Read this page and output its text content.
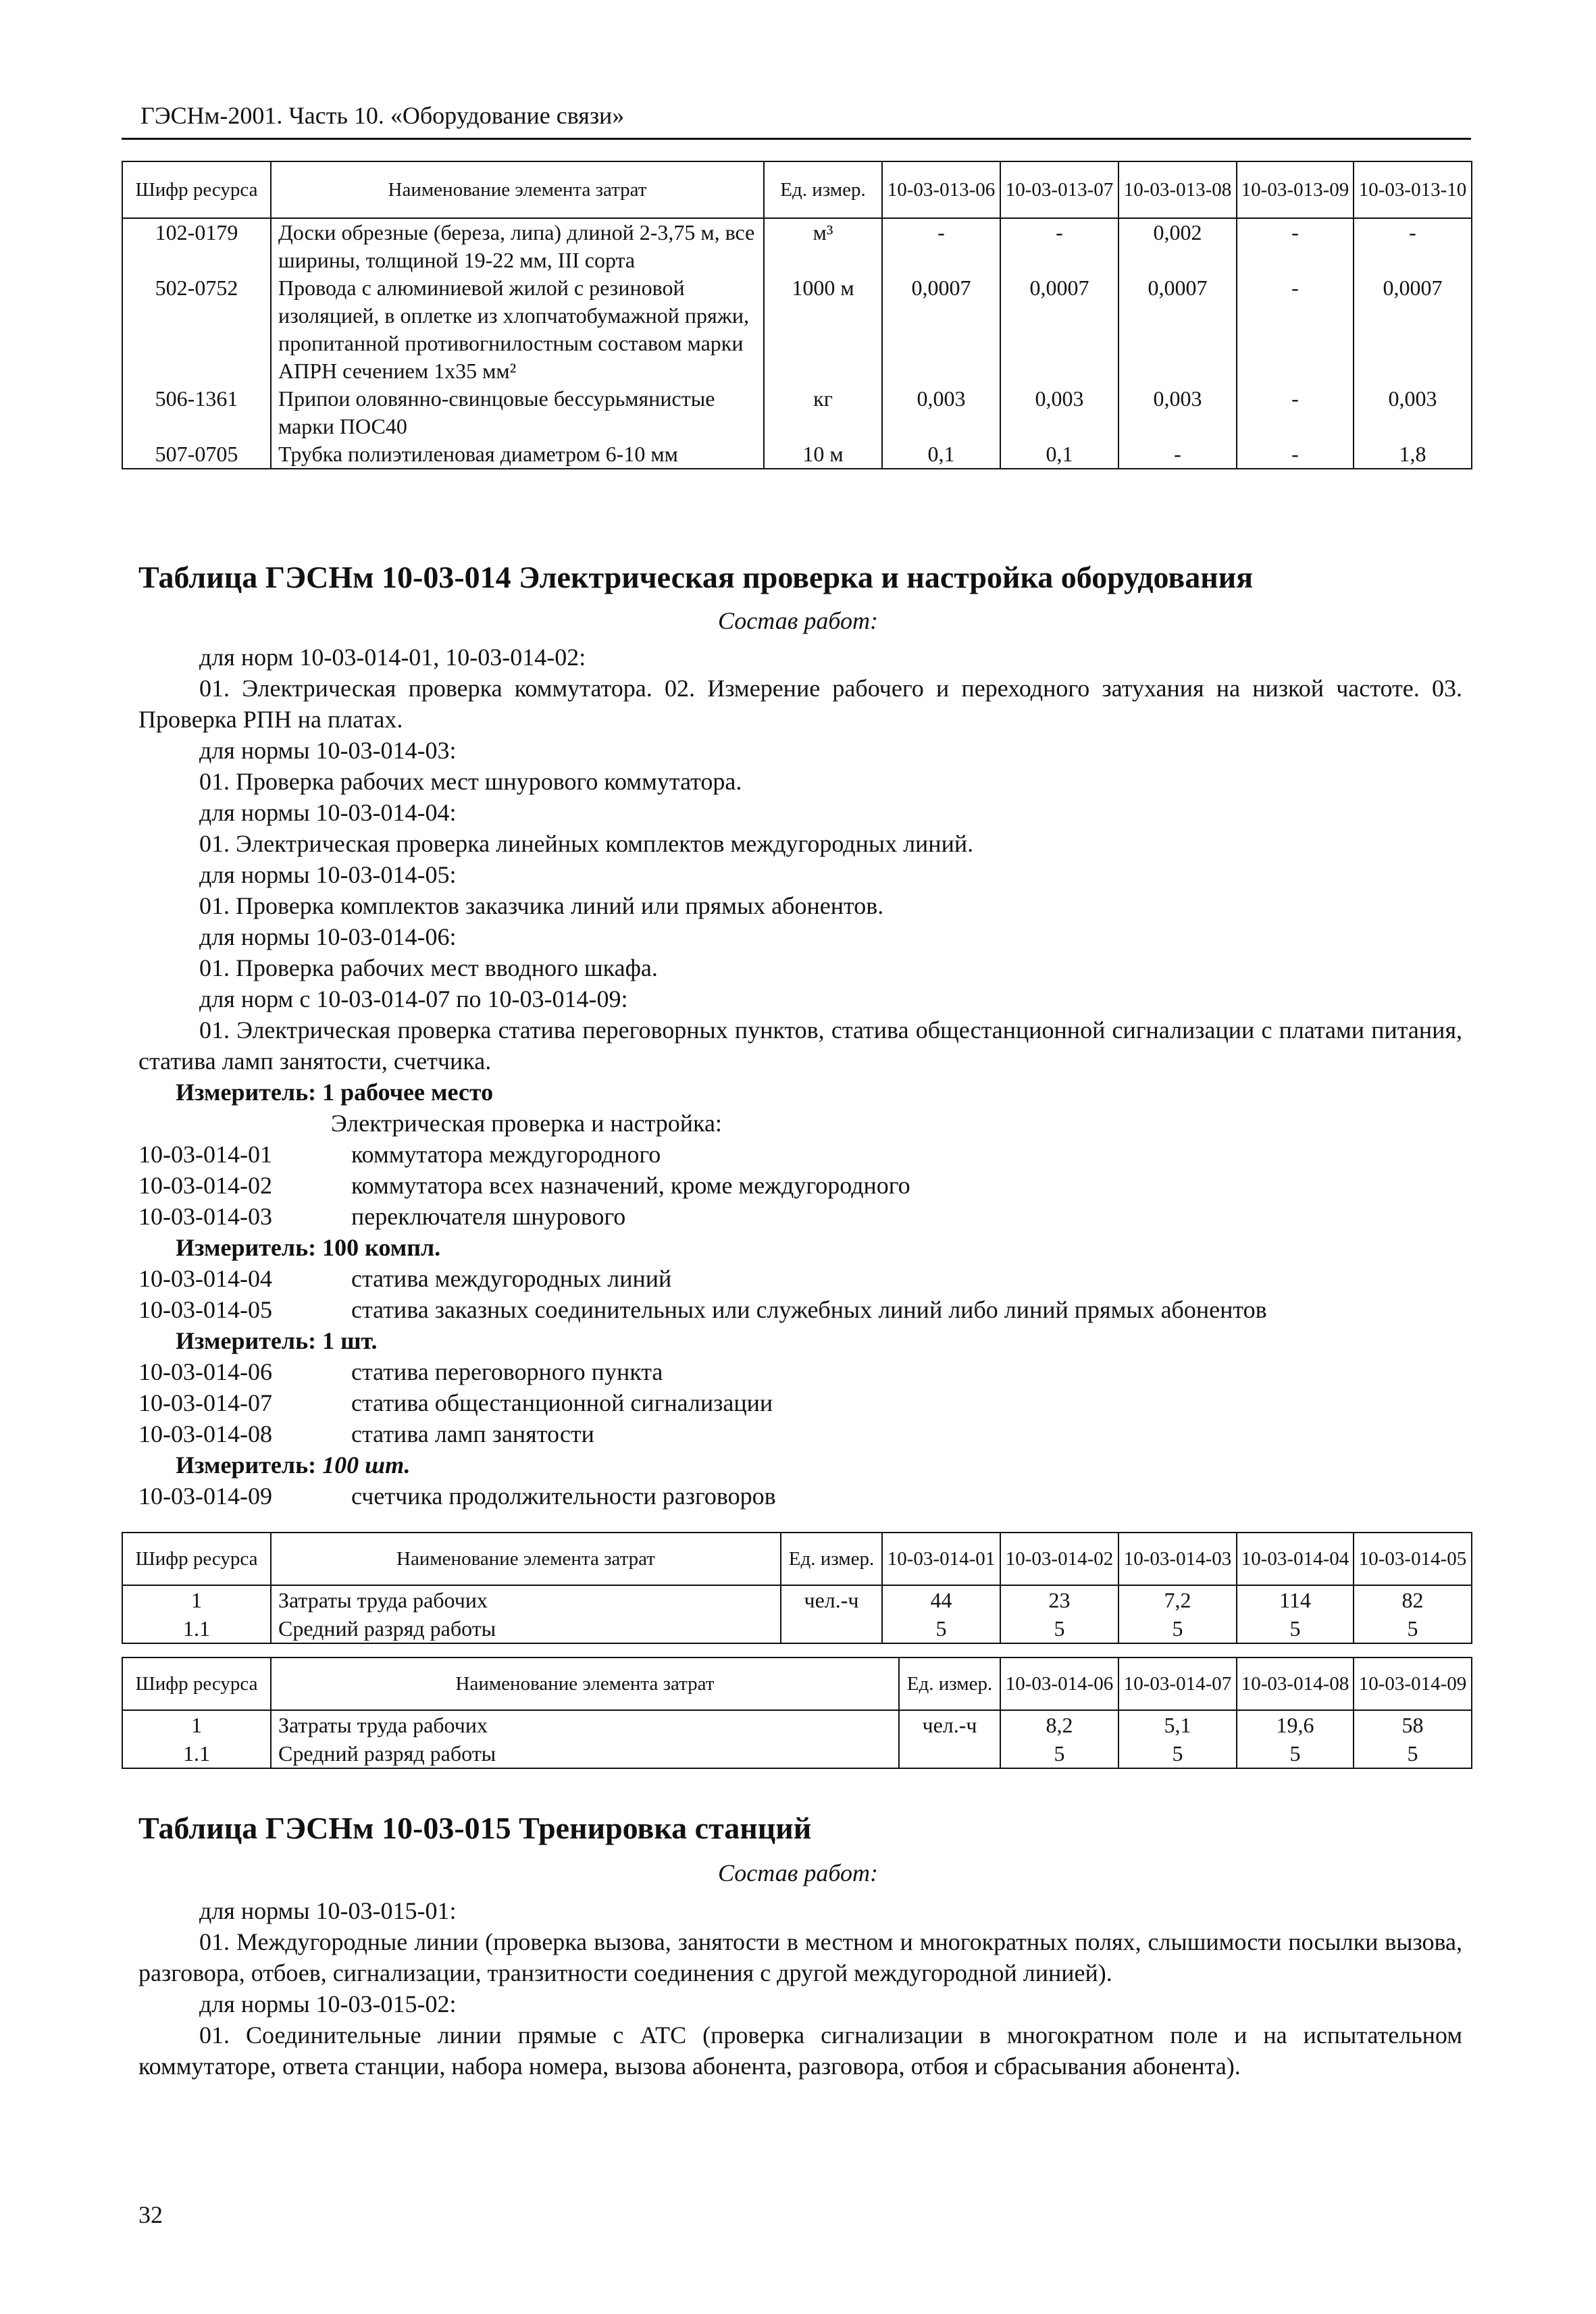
ГЭСНм-2001. Часть 10. «Оборудование связи»
Шифр ресурса	Наименование элемента затрат	Ед. измер.	10-03-013-06	10-03-013-07	10-03-013-08	10-03-013-09	10-03-013-10
102-0179	Доски обрезные (береза, липа) длиной 2-3,75 м, все ширины, толщиной 19-22 мм, III сорта	м³	-	-	0,002	-	-
502-0752	Провода с алюминиевой жилой с резиновой изоляцией, в оплетке из хлопчатобумажной пряжи, пропитанной противогнилостным составом марки АПРН сечением 1х35 мм²	1000 м	0,0007	0,0007	0,0007	-	0,0007
506-1361	Припои оловянно-свинцовые бессурьмянистые марки ПОС40	кг	0,003	0,003	0,003	-	0,003
507-0705	Трубка полиэтиленовая диаметром 6-10 мм	10 м	0,1	0,1	-	-	1,8
Таблица ГЭСНм 10-03-014 Электрическая проверка и настройка оборудования
Состав работ:

для норм 10-03-014-01, 10-03-014-02:

01. Электрическая проверка коммутатора. 02. Измерение рабочего и переходного затухания на низкой частоте. 03. Проверка РПН на платах.

для нормы 10-03-014-03:

01. Проверка рабочих мест шнурового коммутатора.

для нормы 10-03-014-04:

01. Электрическая проверка линейных комплектов междугородных линий.

для нормы 10-03-014-05:

01. Проверка комплектов заказчика линий или прямых абонентов.

для нормы 10-03-014-06:

01. Проверка рабочих мест вводного шкафа.

для норм с 10-03-014-07 по 10-03-014-09:

01. Электрическая проверка статива переговорных пунктов, статива общестанционной сигнализации с платами питания, статива ламп занятости, счетчика.

Измеритель: 1 рабочее место

Электрическая проверка и настройка:

10-03-014-01	коммутатора междугородного
10-03-014-02	коммутатора всех назначений, кроме междугородного
10-03-014-03	переключателя шнурового

Измеритель: 100 компл.

10-03-014-04	статива междугородных линий
10-03-014-05	статива заказных соединительных или служебных линий либо линий прямых абонентов

Измеритель: 1 шт.

10-03-014-06	статива переговорного пункта
10-03-014-07	статива общестанционной сигнализации
10-03-014-08	статива ламп занятости

Измеритель: 100 шт.

10-03-014-09	счетчика продолжительности разговоров
Шифр ресурса	Наименование элемента затрат	Ед. измер.	10-03-014-01	10-03-014-02	10-03-014-03	10-03-014-04	10-03-014-05
1	Затраты труда рабочих	чел.-ч	44	23	7,2	114	82
1.1	Средний разряд работы		5	5	5	5	5
Шифр ресурса	Наименование элемента затрат	Ед. измер.	10-03-014-06	10-03-014-07	10-03-014-08	10-03-014-09
1	Затраты труда рабочих	чел.-ч	8,2	5,1	19,6	58
1.1	Средний разряд работы		5	5	5	5
Таблица ГЭСНм 10-03-015 Тренировка станций
Состав работ:

для нормы 10-03-015-01:

01. Междугородные линии (проверка вызова, занятости в местном и многократных полях, слышимости посылки вызова, разговора, отбоев, сигнализации, транзитности соединения с другой междугородной линией).

для нормы 10-03-015-02:

01. Соединительные линии прямые с АТС (проверка сигнализации в многократном поле и на испытательном коммутаторе, ответа станции, набора номера, вызова абонента, разговора, отбоя и сбрасывания абонента).

32
